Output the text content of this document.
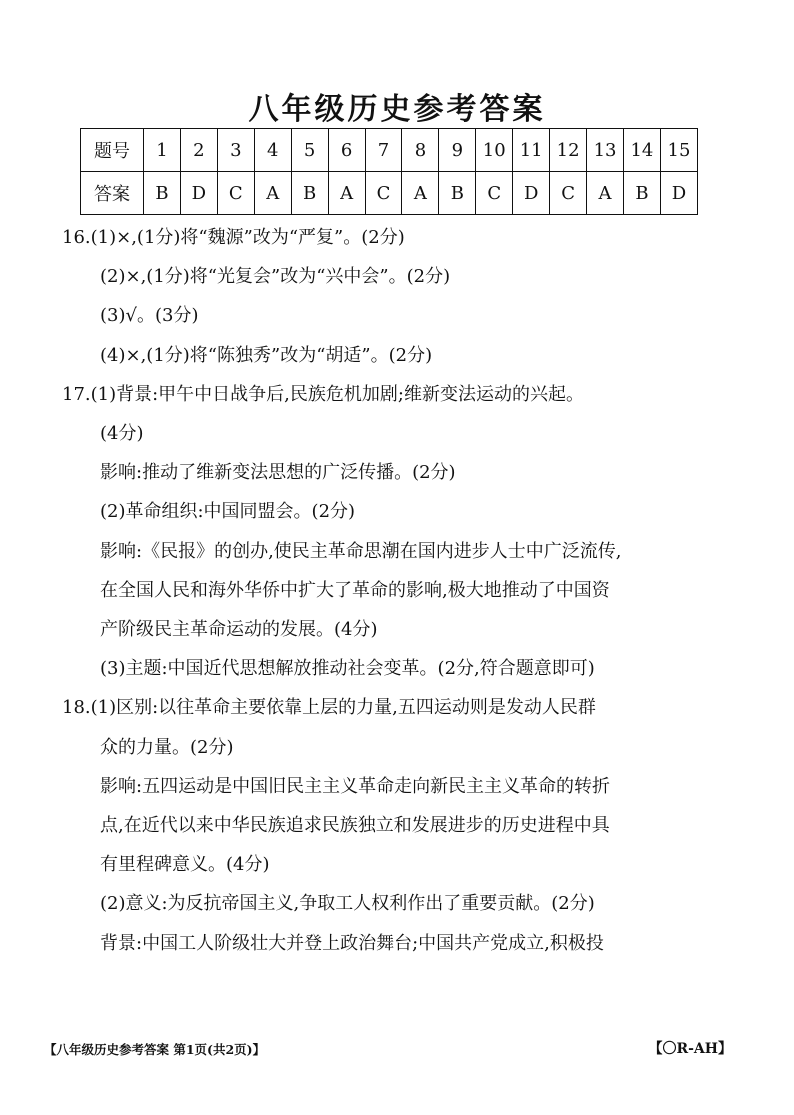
八年级历史参考答案
题号	1	2	3	4	5	6	7	8	9	10	11	12	13	14	15
答案	B	D	C	A	B	A	C	A	B	C	D	C	A	B	D
16.(1)×,(1分)将“魏源”改为“严复”。(2分)
(2)×,(1分)将“光复会”改为“兴中会”。(2分)
(3)√。(3分)
(4)×,(1分)将“陈独秀”改为“胡适”。(2分)
17.(1)背景:甲午中日战争后,民族危机加剧;维新变法运动的兴起。
(4分)
影响:推动了维新变法思想的广泛传播。(2分)
(2)革命组织:中国同盟会。(2分)
影响:《民报》的创办,使民主革命思潮在国内进步人士中广泛流传,
在全国人民和海外华侨中扩大了革命的影响,极大地推动了中国资
产阶级民主革命运动的发展。(4分)
(3)主题:中国近代思想解放推动社会变革。(2分,符合题意即可)
18.(1)区别:以往革命主要依靠上层的力量,五四运动则是发动人民群
众的力量。(2分)
影响:五四运动是中国旧民主主义革命走向新民主主义革命的转折
点,在近代以来中华民族追求民族独立和发展进步的历史进程中具
有里程碑意义。(4分)
(2)意义:为反抗帝国主义,争取工人权利作出了重要贡献。(2分)
背景:中国工人阶级壮大并登上政治舞台;中国共产党成立,积极投
【八年级历史参考答案 第1页(共2页)】	【〇R-AH】
